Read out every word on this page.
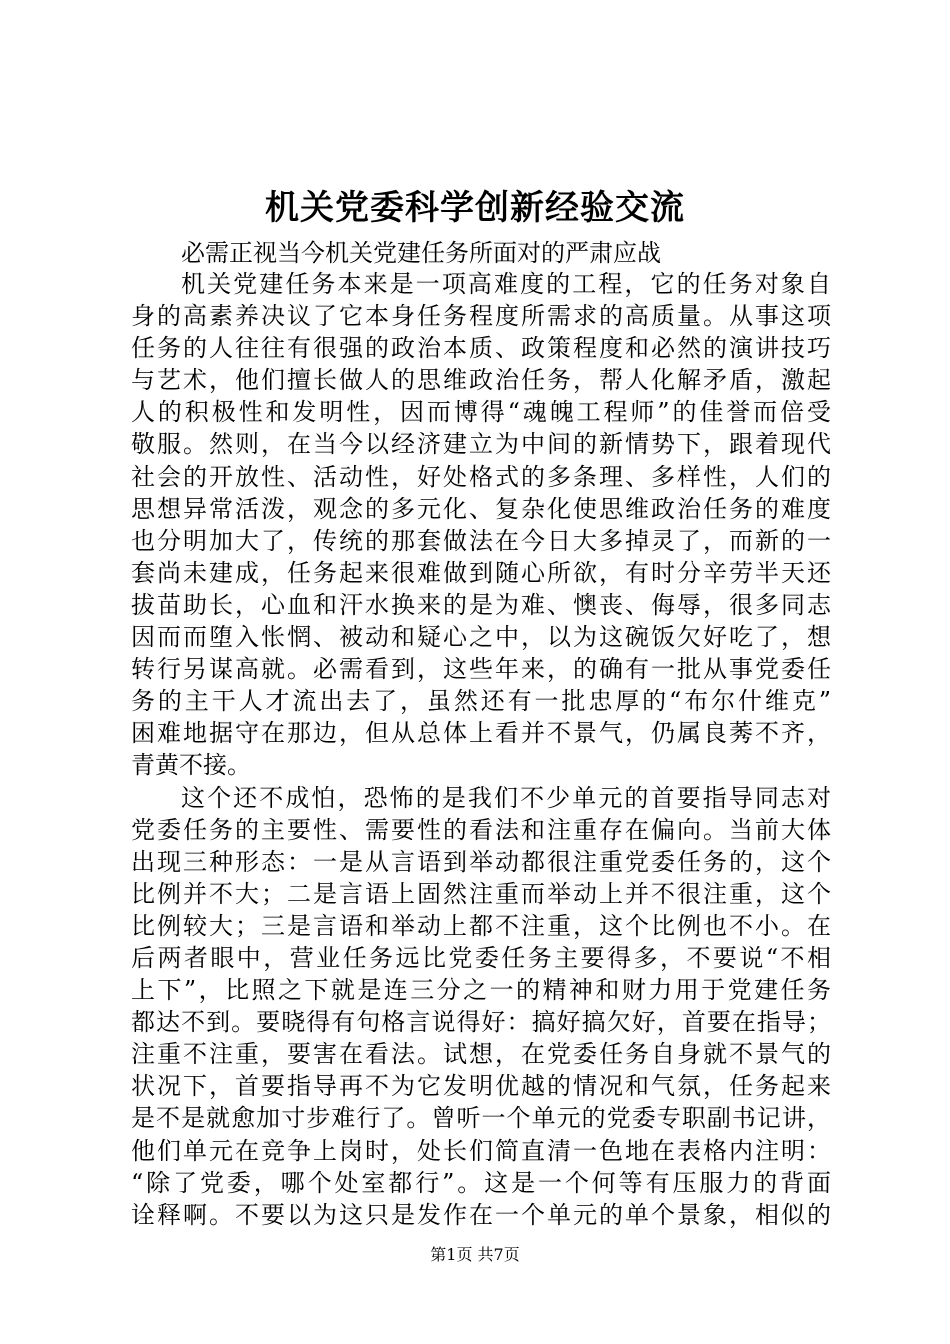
机关党委科学创新经验交流
必需正视当今机关党建任务所面对的严肃应战
机关党建任务本来是一项高难度的工程，它的任务对象自
身的高素养决议了它本身任务程度所需求的高质量。从事这项
任务的人往往有很强的政治本质、政策程度和必然的演讲技巧
与艺术，他们擅长做人的思维政治任务，帮人化解矛盾，激起
人的积极性和发明性，因而博得“魂魄工程师”的佳誉而倍受
敬服。然则，在当今以经济建立为中间的新情势下，跟着现代
社会的开放性、活动性，好处格式的多条理、多样性，人们的
思想异常活泼，观念的多元化、复杂化使思维政治任务的难度
也分明加大了，传统的那套做法在今日大多掉灵了，而新的一
套尚未建成，任务起来很难做到随心所欲，有时分辛劳半天还
拔苗助长，心血和汗水换来的是为难、懊丧、侮辱，很多同志
因而而堕入怅惘、被动和疑心之中，以为这碗饭欠好吃了，想
转行另谋高就。必需看到，这些年来，的确有一批从事党委任
务的主干人才流出去了，虽然还有一批忠厚的“布尔什维克”
困难地据守在那边，但从总体上看并不景气，仍属良莠不齐，
青黄不接。
这个还不成怕，恐怖的是我们不少单元的首要指导同志对
党委任务的主要性、需要性的看法和注重存在偏向。当前大体
出现三种形态：一是从言语到举动都很注重党委任务的，这个
比例并不大；二是言语上固然注重而举动上并不很注重，这个
比例较大；三是言语和举动上都不注重，这个比例也不小。在
后两者眼中，营业任务远比党委任务主要得多，不要说“不相
上下”，比照之下就是连三分之一的精神和财力用于党建任务
都达不到。要晓得有句格言说得好：搞好搞欠好，首要在指导；
注重不注重，要害在看法。试想，在党委任务自身就不景气的
状况下，首要指导再不为它发明优越的情况和气氛，任务起来
是不是就愈加寸步难行了。曾听一个单元的党委专职副书记讲，
他们单元在竞争上岗时，处长们简直清一色地在表格内注明：
“除了党委，哪个处室都行”。这是一个何等有压服力的背面
诠释啊。不要以为这只是发作在一个单元的单个景象，相似的
第1页 共7页
